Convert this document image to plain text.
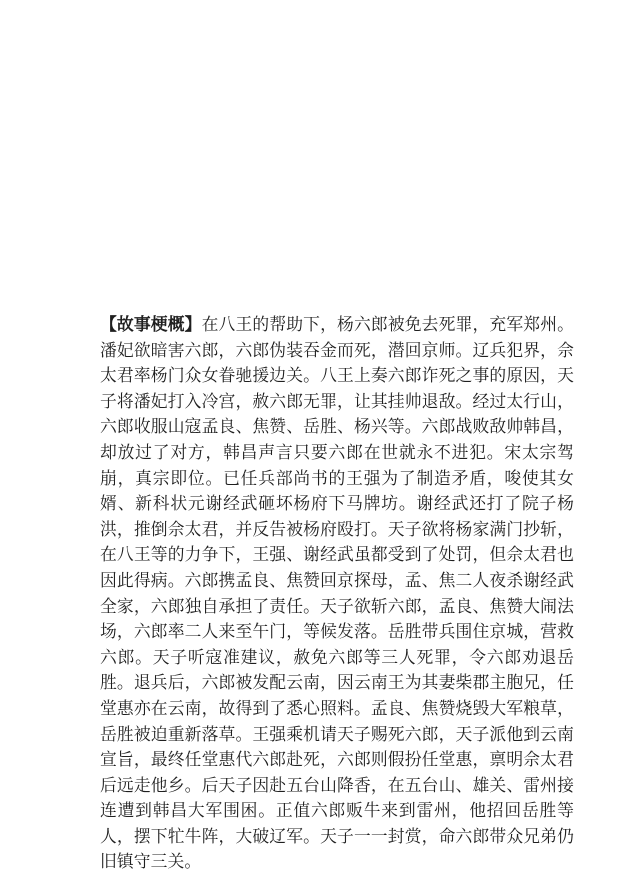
【故事梗概】在八王的帮助下，杨六郎被免去死罪，充军郑州。潘妃欲暗害六郎，六郎伪装吞金而死，潜回京师。辽兵犯界，佘太君率杨门众女眷驰援边关。八王上奏六郎诈死之事的原因，天子将潘妃打入冷宫，赦六郎无罪，让其挂帅退敌。经过太行山，六郎收服山寇孟良、焦赞、岳胜、杨兴等。六郎战败敌帅韩昌，却放过了对方，韩昌声言只要六郎在世就永不进犯。宋太宗驾崩，真宗即位。已任兵部尚书的王强为了制造矛盾，唆使其女婿、新科状元谢经武砸坏杨府下马牌坊。谢经武还打了院子杨洪，推倒佘太君，并反告被杨府殴打。天子欲将杨家满门抄斩，在八王等的力争下，王强、谢经武虽都受到了处罚，但佘太君也因此得病。六郎携孟良、焦赞回京探母，孟、焦二人夜杀谢经武全家，六郎独自承担了责任。天子欲斩六郎，孟良、焦赞大闹法场，六郎率二人来至午门，等候发落。岳胜带兵围住京城，营救六郎。天子听寇准建议，赦免六郎等三人死罪，令六郎劝退岳胜。退兵后，六郎被发配云南，因云南王为其妻柴郡主胞兄，任堂惠亦在云南，故得到了悉心照料。孟良、焦赞烧毁大军粮草，岳胜被迫重新落草。王强乘机请天子赐死六郎，天子派他到云南宣旨，最终任堂惠代六郎赴死，六郎则假扮任堂惠，禀明佘太君后远走他乡。后天子因赴五台山降香，在五台山、雄关、雷州接连遭到韩昌大军围困。正值六郎贩牛来到雷州，他招回岳胜等人，摆下牤牛阵，大破辽军。天子一一封赏，命六郎带众兄弟仍旧镇守三关。
